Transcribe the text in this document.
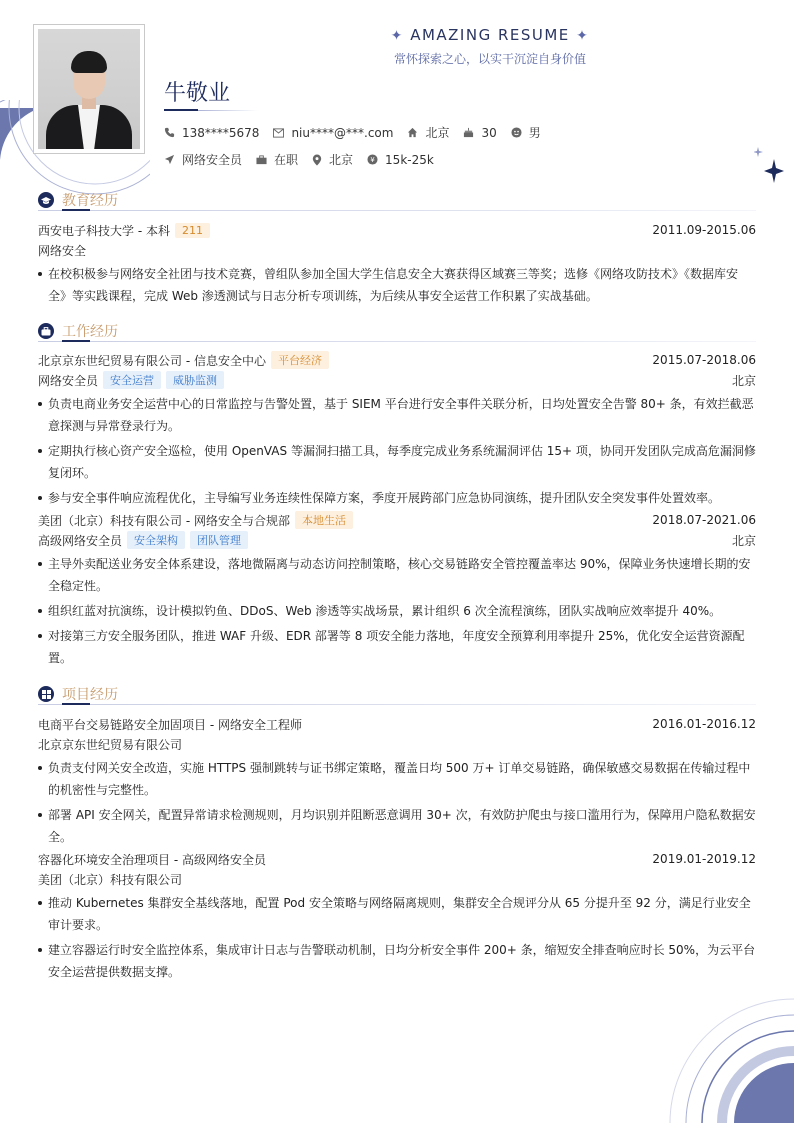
✦ AMAZING RESUME ✦
常怀探索之心，以实干沉淀自身价值
牛敬业
138****5678	niu****@***.com	北京	30	男
网络安全员	在职	北京 ¥ 15k-25k
教育经历
西安电子科技大学 - 本科	211	2011.09-2015.06
网络安全
在校积极参与网络安全社团与技术竞赛，曾组队参加全国大学生信息安全大赛获得区域赛三等奖；选修《网络攻防技术》《数据库安全》等实践课程，完成 Web 渗透测试与日志分析专项训练，为后续从事安全运营工作积累了实战基础。
工作经历
北京京东世纪贸易有限公司 - 信息安全中心	平台经济	2015.07-2018.06
网络安全员	安全运营	威胁监测	北京
负责电商业务安全运营中心的日常监控与告警处置，基于 SIEM 平台进行安全事件关联分析，日均处置安全告警 80+ 条，有效拦截恶意探测与异常登录行为。
定期执行核心资产安全巡检，使用 OpenVAS 等漏洞扫描工具，每季度完成业务系统漏洞评估 15+ 项，协同开发团队完成高危漏洞修复闭环。
参与安全事件响应流程优化，主导编写业务连续性保障方案，季度开展跨部门应急协同演练，提升团队安全突发事件处置效率。
美团（北京）科技有限公司 - 网络安全与合规部	本地生活	2018.07-2021.06
高级网络安全员	安全架构	团队管理	北京
主导外卖配送业务安全体系建设，落地微隔离与动态访问控制策略，核心交易链路安全管控覆盖率达 90%，保障业务快速增长期的安全稳定性。
组织红蓝对抗演练，设计模拟钓鱼、DDoS、Web 渗透等实战场景，累计组织 6 次全流程演练，团队实战响应效率提升 40%。
对接第三方安全服务团队，推进 WAF 升级、EDR 部署等 8 项安全能力落地，年度安全预算利用率提升 25%，优化安全运营资源配置。
项目经历
电商平台交易链路安全加固项目 - 网络安全工程师	2016.01-2016.12
北京京东世纪贸易有限公司
负责支付网关安全改造，实施 HTTPS 强制跳转与证书绑定策略，覆盖日均 500 万+ 订单交易链路，确保敏感交易数据在传输过程中的机密性与完整性。
部署 API 安全网关，配置异常请求检测规则，月均识别并阻断恶意调用 30+ 次，有效防护爬虫与接口滥用行为，保障用户隐私数据安全。
容器化环境安全治理项目 - 高级网络安全员	2019.01-2019.12
美团（北京）科技有限公司
推动 Kubernetes 集群安全基线落地，配置 Pod 安全策略与网络隔离规则，集群安全合规评分从 65 分提升至 92 分，满足行业安全审计要求。
建立容器运行时安全监控体系，集成审计日志与告警联动机制，日均分析安全事件 200+ 条，缩短安全排查响应时长 50%，为云平台安全运营提供数据支撑。
